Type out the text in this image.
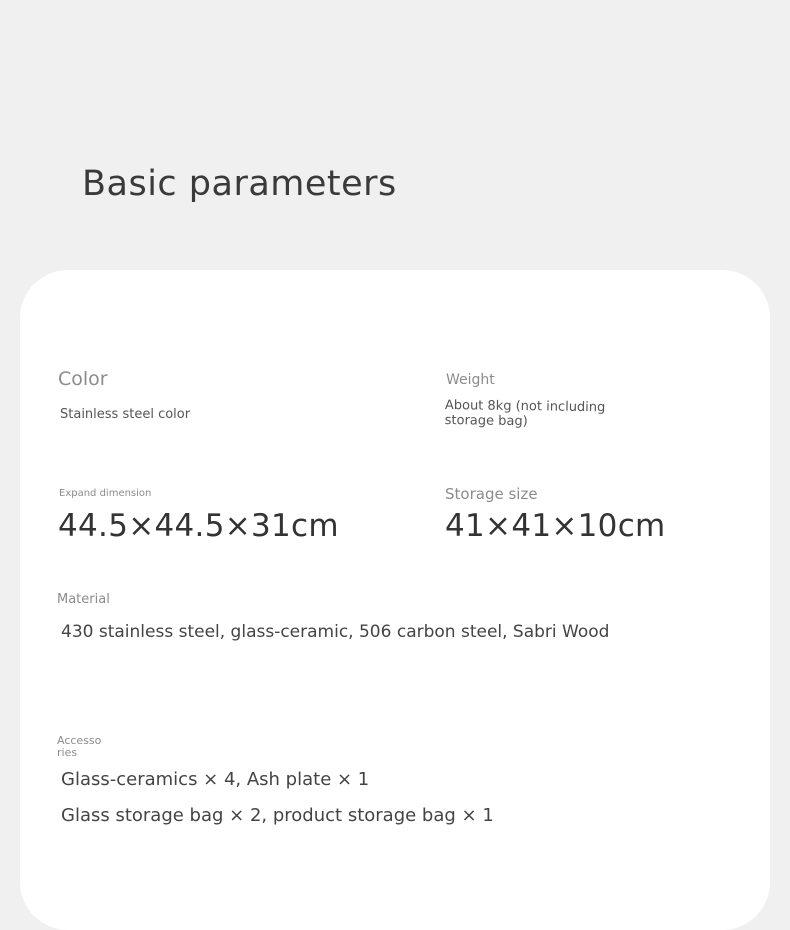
Basic parameters
Color
Stainless steel color
Weight
About 8kg (not including storage bag)
Expand dimension
44.5×44.5×31cm
Storage size
41×41×10cm
Material
430 stainless steel, glass-ceramic, 506 carbon steel, Sabri Wood
Accessories
Glass-ceramics × 4, Ash plate × 1
Glass storage bag × 2, product storage bag × 1
